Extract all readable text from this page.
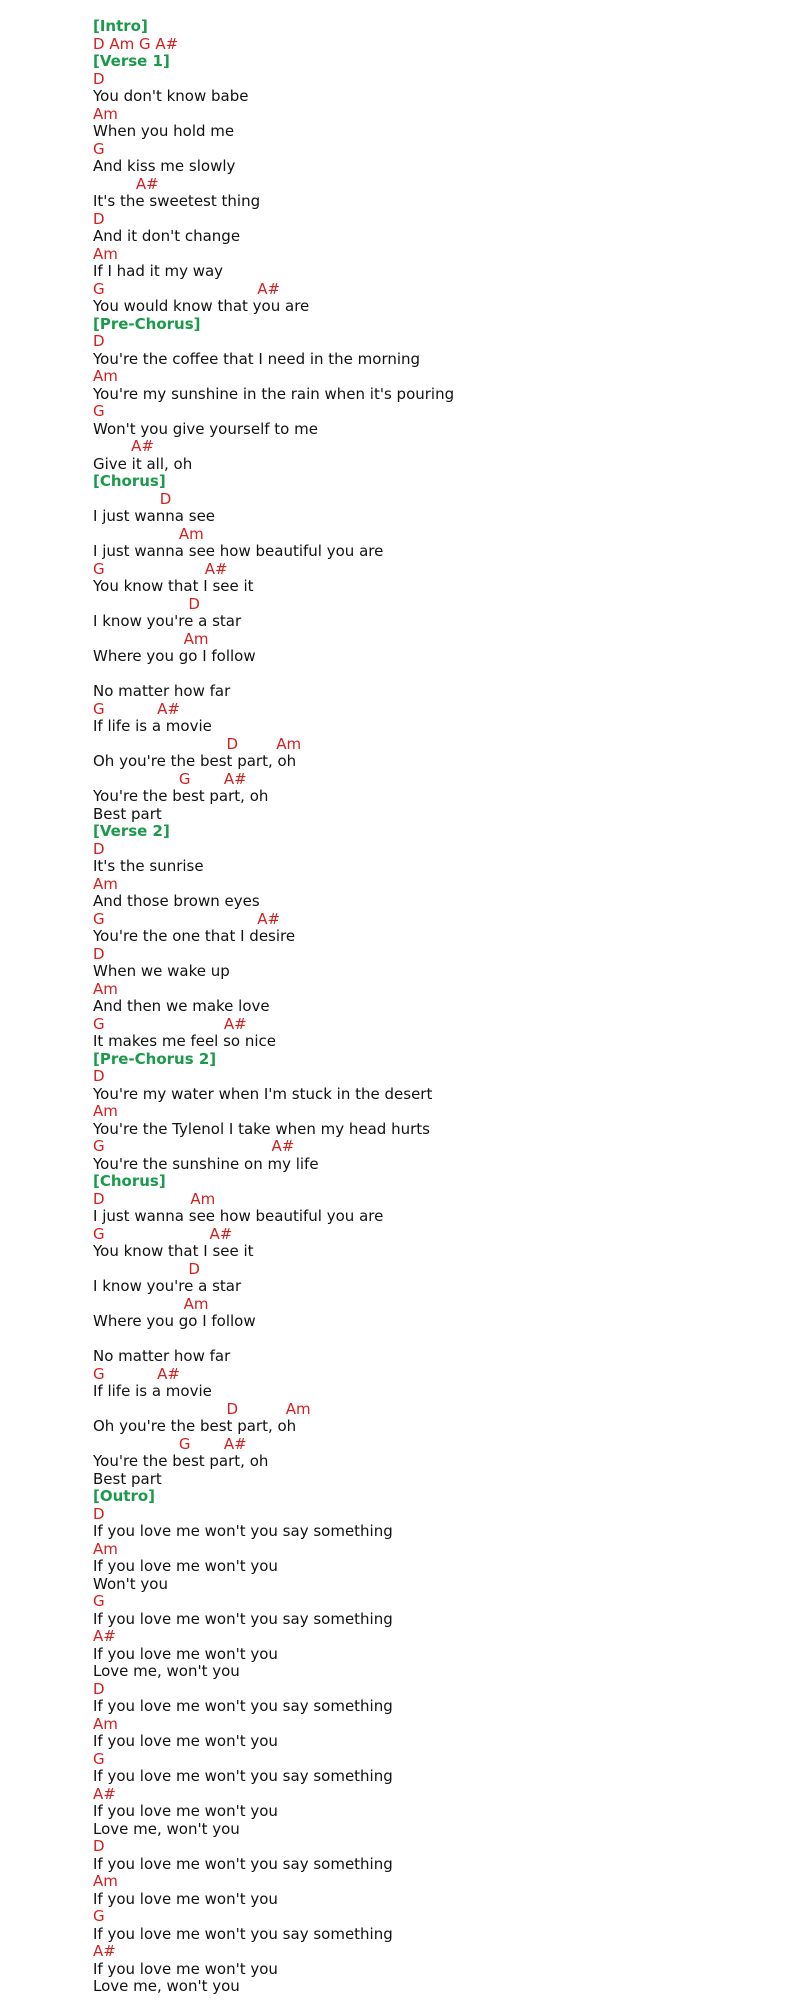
[Intro]
D Am G A#
[Verse 1]
D
You don't know babe
Am
When you hold me
G
And kiss me slowly
A#
It's the sweetest thing
D
And it don't change
Am
If I had it my way
G                                A#
You would know that you are
[Pre-Chorus]
D
You're the coffee that I need in the morning
Am
You're my sunshine in the rain when it's pouring
G
Won't you give yourself to me
A#
Give it all, oh
[Chorus]
D
I just wanna see
Am
I just wanna see how beautiful you are
G                     A#
You know that I see it
D
I know you're a star
Am
Where you go I follow
No matter how far
G           A#
If life is a movie
D        Am
Oh you're the best part, oh
G       A#
You're the best part, oh
Best part
[Verse 2]
D
It's the sunrise
Am
And those brown eyes
G                                A#
You're the one that I desire
D
When we wake up
Am
And then we make love
G                         A#
It makes me feel so nice
[Pre-Chorus 2]
D
You're my water when I'm stuck in the desert
Am
You're the Tylenol I take when my head hurts
G                                   A#
You're the sunshine on my life
[Chorus]
D                  Am
I just wanna see how beautiful you are
G                      A#
You know that I see it
D
I know you're a star
Am
Where you go I follow
No matter how far
G           A#
If life is a movie
D          Am
Oh you're the best part, oh
G       A#
You're the best part, oh
Best part
[Outro]
D
If you love me won't you say something
Am
If you love me won't you
Won't you
G
If you love me won't you say something
A#
If you love me won't you
Love me, won't you
D
If you love me won't you say something
Am
If you love me won't you
G
If you love me won't you say something
A#
If you love me won't you
Love me, won't you
D
If you love me won't you say something
Am
If you love me won't you
G
If you love me won't you say something
A#
If you love me won't you
Love me, won't you
